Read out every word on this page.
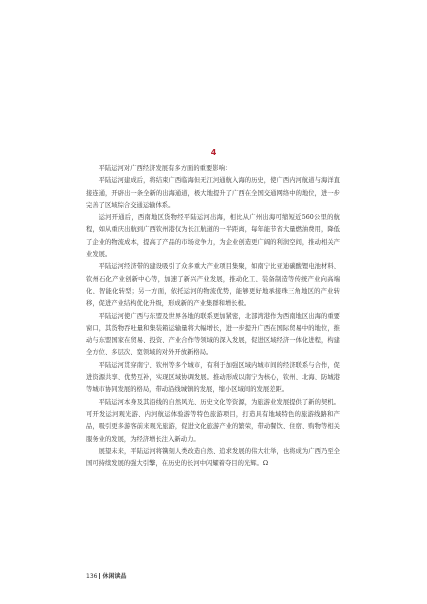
4

平陆运河对广西经济发展有多方面的重要影响：

平陆运河建成后，将结束广西临海但无江河通航入海的历史，使广西内河航道与海洋直接连通，开辟出一条全新的出海通道，极大地提升了广西在全国交通网络中的地位，进一步完善了区域综合交通运输体系。

运河开通后，西南地区货物经平陆运河出海，相比从广州出海可缩短近560公里的航程，如从重庆出航到广西钦州港仅为长江航道的一半距离，每年能节省大量燃油费用，降低了企业的物流成本，提高了产品的市场竞争力，为企业创造更广阔的利润空间，推动相关产业发展。

平陆运河经济带的建设吸引了众多重大产业项目集聚，如南宁比亚迪碳酸锂电池材料、钦州石化产业创新中心等，加速了新兴产业发展，推动化工、装备制造等传统产业向高端化、智能化转型；另一方面，依托运河的物流优势，能够更好地承接珠三角地区的产业转移，促进产业结构优化升级，形成新的产业集群和增长极。

平陆运河使广西与东盟及世界各地的联系更加紧密，北部湾港作为西南地区出海的重要窗口，其货物吞吐量和集装箱运输量将大幅增长，进一步提升广西在国际贸易中的地位，推动与东盟国家在贸易、投资、产业合作等领域的深入发展，促进区域经济一体化进程，构建全方位、多层次、宽领域的对外开放新格局。

平陆运河贯穿南宁、钦州等多个城市，有利于加强区域内城市间的经济联系与合作，促进资源共享、优势互补，实现区域协调发展。推动形成以南宁为核心，钦州、北海、防城港等城市协同发展的格局，带动沿线城镇的发展，缩小区域间的发展差距。

平陆运河本身及其沿线的自然风光、历史文化等资源，为旅游业发展提供了新的契机。可开发运河观光游、内河航运体验游等特色旅游项目，打造具有地域特色的旅游线路和产品，吸引更多游客前来观光旅游，促进文化旅游产业的繁荣，带动餐饮、住宿、购物等相关服务业的发展，为经济增长注入新动力。

展望未来，平陆运河将镌刻人类改造自然、追求发展的伟大壮举，也将成为广西乃至全国可持续发展的强大引擎，在历史的长河中闪耀着夺目的光辉。Ω

136 休闲读品
